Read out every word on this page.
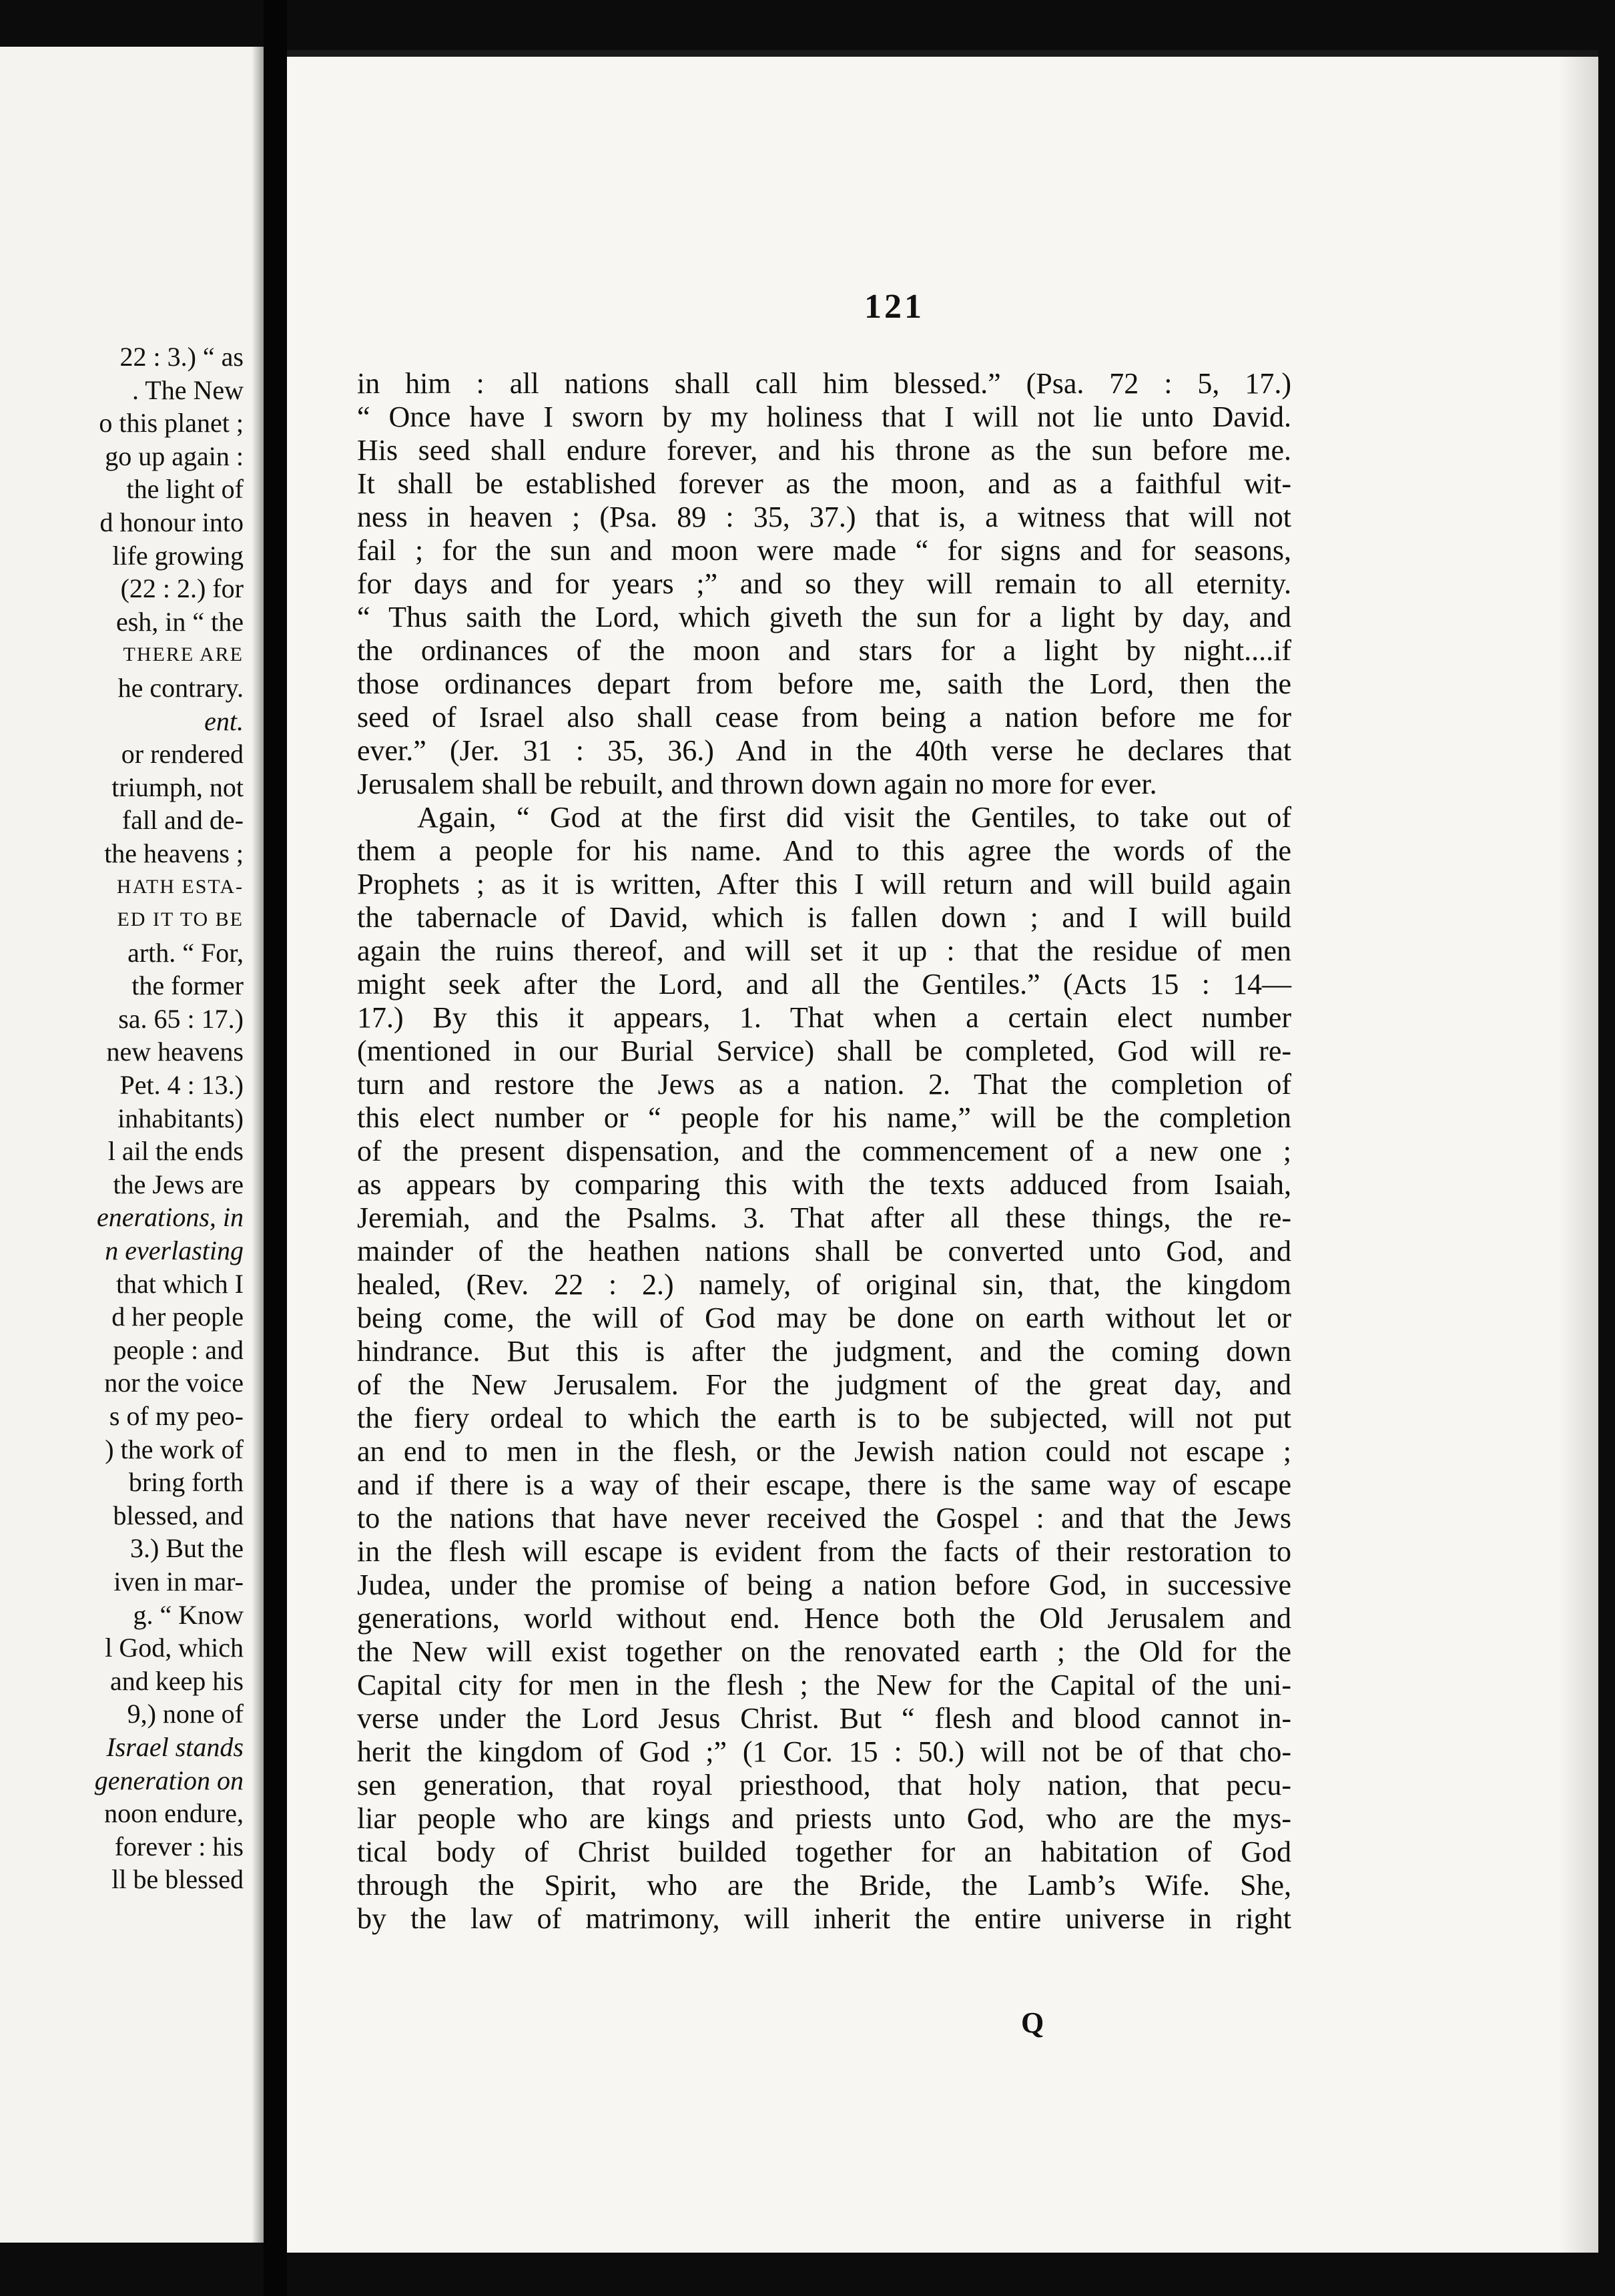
22 : 3.) “ as
. The New
o this planet ;
go up again :
the light of
d honour into
life growing
(22 : 2.) for
esh, in “ the
THERE ARE
he contrary.
ent.
or rendered
triumph, not
fall and de-
the heavens ;
HATH ESTA-
ED IT TO BE
arth. “ For,
the former
sa. 65 : 17.)
new heavens
Pet. 4 : 13.)
inhabitants)
l ail the ends
the Jews are
enerations, in
n everlasting
that which I
d her people
people : and
nor the voice
s of my peo-
) the work of
bring forth
blessed, and
3.) But the
iven in mar-
g. “ Know
l God, which
and keep his
9,) none of
Israel stands
generation on
noon endure,
forever : his
ll be blessed
121
in him : all nations shall call him blessed.” (Psa. 72 : 5, 17.)
“ Once have I sworn by my holiness that I will not lie unto David.
His seed shall endure forever, and his throne as the sun before me.
It shall be established forever as the moon, and as a faithful wit-
ness in heaven ; (Psa. 89 : 35, 37.) that is, a witness that will not
fail ; for the sun and moon were made “ for signs and for seasons,
for days and for years ;” and so they will remain to all eternity.
“ Thus saith the Lord, which giveth the sun for a light by day, and
the ordinances of the moon and stars for a light by night....if
those ordinances depart from before me, saith the Lord, then the
seed of Israel also shall cease from being a nation before me for
ever.” (Jer. 31 : 35, 36.) And in the 40th verse he declares that
Jerusalem shall be rebuilt, and thrown down again no more for ever.
Again, “ God at the first did visit the Gentiles, to take out of
them a people for his name. And to this agree the words of the
Prophets ; as it is written, After this I will return and will build again
the tabernacle of David, which is fallen down ; and I will build
again the ruins thereof, and will set it up : that the residue of men
might seek after the Lord, and all the Gentiles.” (Acts 15 : 14—
17.) By this it appears, 1. That when a certain elect number
(mentioned in our Burial Service) shall be completed, God will re-
turn and restore the Jews as a nation. 2. That the completion of
this elect number or “ people for his name,” will be the completion
of the present dispensation, and the commencement of a new one ;
as appears by comparing this with the texts adduced from Isaiah,
Jeremiah, and the Psalms. 3. That after all these things, the re-
mainder of the heathen nations shall be converted unto God, and
healed, (Rev. 22 : 2.) namely, of original sin, that, the kingdom
being come, the will of God may be done on earth without let or
hindrance. But this is after the judgment, and the coming down
of the New Jerusalem. For the judgment of the great day, and
the fiery ordeal to which the earth is to be subjected, will not put
an end to men in the flesh, or the Jewish nation could not escape ;
and if there is a way of their escape, there is the same way of escape
to the nations that have never received the Gospel : and that the Jews
in the flesh will escape is evident from the facts of their restoration to
Judea, under the promise of being a nation before God, in successive
generations, world without end. Hence both the Old Jerusalem and
the New will exist together on the renovated earth ; the Old for the
Capital city for men in the flesh ; the New for the Capital of the uni-
verse under the Lord Jesus Christ. But “ flesh and blood cannot in-
herit the kingdom of God ;” (1 Cor. 15 : 50.) will not be of that cho-
sen generation, that royal priesthood, that holy nation, that pecu-
liar people who are kings and priests unto God, who are the mys-
tical body of Christ builded together for an habitation of God
through the Spirit, who are the Bride, the Lamb’s Wife. She,
by the law of matrimony, will inherit the entire universe in right
Q
